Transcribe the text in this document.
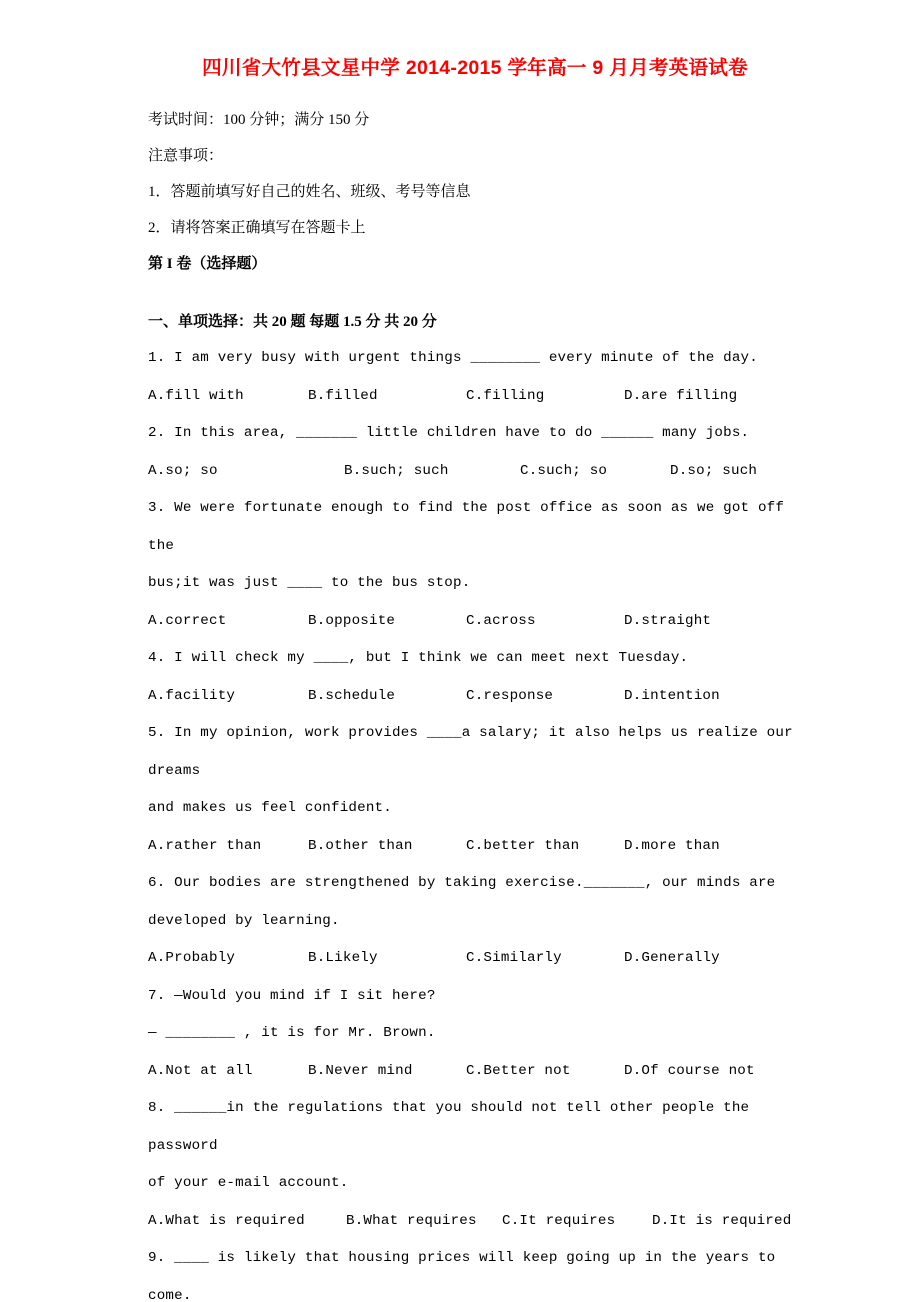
四川省大竹县文星中学 2014-2015 学年高一 9 月月考英语试卷

考试时间：100 分钟；满分 150 分

注意事项：

1．答题前填写好自己的姓名、班级、考号等信息

2．请将答案正确填写在答题卡上

第 I 卷（选择题）

一、单项选择：共 20 题 每题 1.5 分 共 20 分

1. I am very busy with urgent things ________ every minute of the day.

A.fill with	B.filled	C.filling	D.are filling

2. In this area, _______ little children have to do ______ many jobs.

A.so; so	B.such; such	C.such; so	D.so; such

3. We were fortunate enough to find the post office as soon as we got off the

bus;it was just ____ to the bus stop.

A.correct	B.opposite	C.across	D.straight

4. I will check my ____, but I think we can meet next Tuesday.

A.facility	B.schedule	C.response	D.intention

5. In my opinion, work provides ____a salary; it also helps us realize our dreams

and makes us feel confident.

A.rather than	B.other than	C.better than	D.more than

6. Our bodies are strengthened by taking exercise._______, our minds are

developed by learning.

A.Probably	B.Likely	C.Similarly	D.Generally

7. —Would you mind if I sit here?

— ________ , it is for Mr. Brown.

A.Not at all	B.Never mind	C.Better not	D.Of course not

8. ______in the regulations that you should not tell other people the password

of your e-mail account.

A.What is required	B.What requires	C.It requires	D.It is required

9. ____ is likely that housing prices will keep going up in the years to

come.
